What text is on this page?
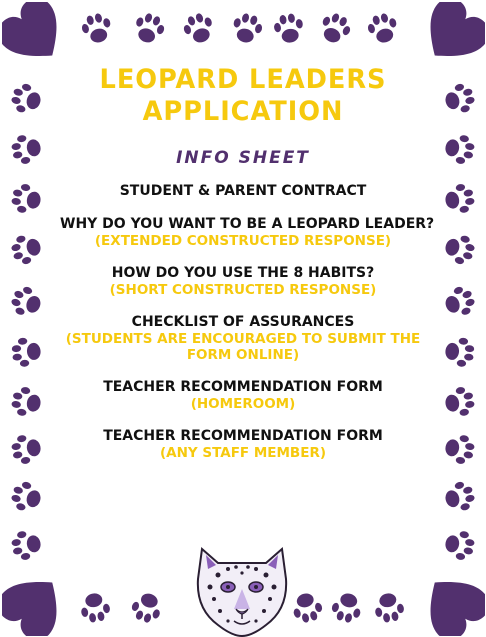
LEOPARD LEADERS
APPLICATION
INFO SHEET
STUDENT & PARENT CONTRACT
WHY DO YOU WANT TO BE A LEOPARD LEADER?
(EXTENDED CONSTRUCTED RESPONSE)
HOW DO YOU USE THE 8 HABITS?
(SHORT CONSTRUCTED RESPONSE)
CHECKLIST OF ASSURANCES
(STUDENTS ARE ENCOURAGED TO SUBMIT THE FORM ONLINE)
TEACHER RECOMMENDATION FORM
(HOMEROOM)
TEACHER RECOMMENDATION FORM
(ANY STAFF MEMBER)
